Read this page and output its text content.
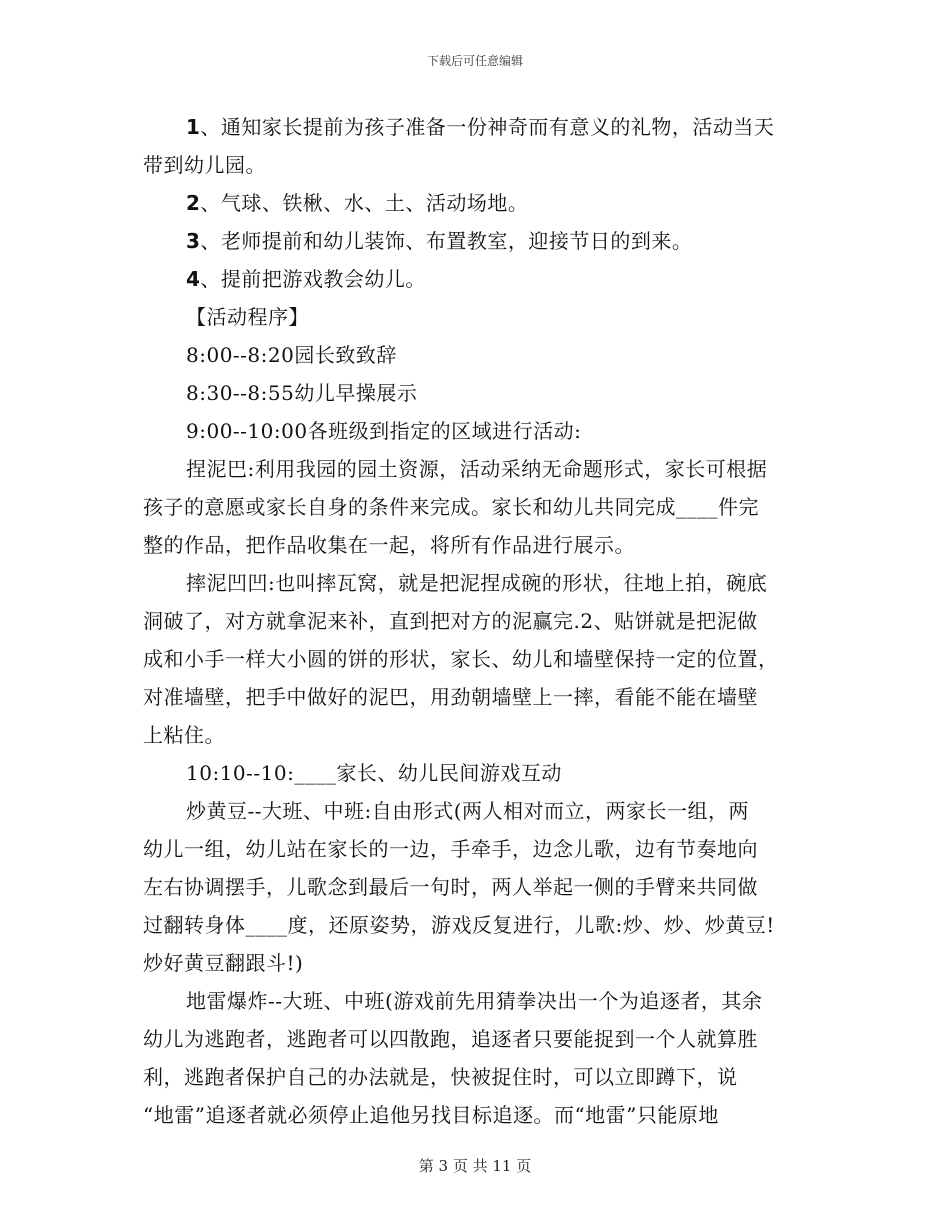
下载后可任意编辑
1、通知家长提前为孩子准备一份神奇而有意义的礼物，活动当天
带到幼儿园。
2、气球、铁楸、水、土、活动场地。
3、老师提前和幼儿装饰、布置教室，迎接节日的到来。
4、提前把游戏教会幼儿。
【活动程序】
8:00--8:20园长致致辞
8:30--8:55幼儿早操展示
9:00--10:00各班级到指定的区域进行活动:
捏泥巴:利用我园的园土资源，活动采纳无命题形式，家长可根据
孩子的意愿或家长自身的条件来完成。家长和幼儿共同完成____件完
整的作品，把作品收集在一起，将所有作品进行展示。
摔泥凹凹:也叫摔瓦窝，就是把泥捏成碗的形状，往地上拍，碗底
洞破了，对方就拿泥来补，直到把对方的泥赢完.2、贴饼就是把泥做
成和小手一样大小圆的饼的形状，家长、幼儿和墙壁保持一定的位置，
对准墙壁，把手中做好的泥巴，用劲朝墙壁上一摔，看能不能在墙壁
上粘住。
10:10--10:____家长、幼儿民间游戏互动
炒黄豆--大班、中班:自由形式(两人相对而立，两家长一组，两
幼儿一组，幼儿站在家长的一边，手牵手，边念儿歌，边有节奏地向
左右协调摆手，儿歌念到最后一句时，两人举起一侧的手臂来共同做
过翻转身体____度，还原姿势，游戏反复进行，儿歌:炒、炒、炒黄豆!
炒好黄豆翻跟斗!)
地雷爆炸--大班、中班(游戏前先用猜拳决出一个为追逐者，其余
幼儿为逃跑者，逃跑者可以四散跑，追逐者只要能捉到一个人就算胜
利，逃跑者保护自己的办法就是，快被捉住时，可以立即蹲下，说
“地雷”追逐者就必须停止追他另找目标追逐。而“地雷”只能原地
第 3 页 共 11 页
